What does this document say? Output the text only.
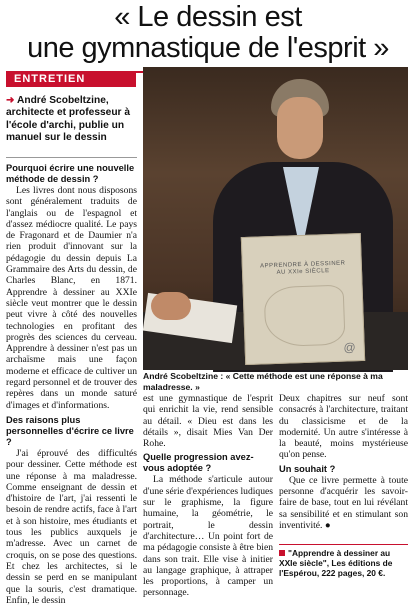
« Le dessin est
une gymnastique de l'esprit »
ENTRETIEN
➜ André Scobeltzine, architecte et professeur à l'école d'archi, publie un manuel sur le dessin
Pourquoi écrire une nouvelle méthode de dessin ?

Les livres dont nous disposons sont généralement traduits de l'anglais ou de l'espagnol et d'assez médiocre qualité. Le pays de Fragonard et de Daumier n'a rien produit d'innovant sur la pédagogie du dessin depuis La Grammaire des Arts du dessin, de Charles Blanc, en 1871. Apprendre à dessiner au XXIe siècle veut montrer que le dessin peut vivre à côté des nouvelles technologies en profitant des progrès des sciences du cerveau. Apprendre à dessiner n'est pas un archaïsme mais une façon moderne et efficace de cultiver un regard personnel et de trouver des repères dans un monde saturé d'images et d'informations.

Des raisons plus personnelles d'écrire ce livre ?

J'ai éprouvé des difficultés pour dessiner. Cette méthode est une réponse à ma maladresse. Comme enseignant de dessin et d'histoire de l'art, j'ai ressenti le besoin de rendre actifs, face à l'art et à son histoire, mes étudiants et tous les publics auxquels je m'adresse. Avec un carnet de croquis, on se pose des questions. Et chez les architectes, si le dessin se perd en se manipulant que la souris, c'est dramatique. Enfin, le dessin

APPRENDRE À DESSINER AU XXIe SIÈCLE
@
André Scobeltzine : « Cette méthode est une réponse à ma maladresse. »

est une gymnastique de l'esprit qui enrichit la vie, rend sensible au détail. « Dieu est dans les détails », disait Mies Van Der Rohe.

Quelle progression avez-vous adoptée ?

La méthode s'articule autour d'une série d'expériences ludiques sur le graphisme, la figure humaine, la géométrie, le portrait, le dessin d'architecture… Un point fort de ma pédagogie consiste à être bien dans son trait. Elle vise à initier au langage graphique, à attraper les proportions, à camper un personnage.

Deux chapitres sur neuf sont consacrés à l'architecture, traitant du classicisme et de la modernité. Un autre s'intéresse à la beauté, moins mystérieuse qu'on pense.

Un souhait ?

Que ce livre permette à toute personne d'acquérir les savoir-faire de base, tout en lui révélant sa sensibilité et en stimulant son inventivité. ●

"Apprendre à dessiner au XXIe siècle", Les éditions de l'Espérou, 222 pages, 20 €.
